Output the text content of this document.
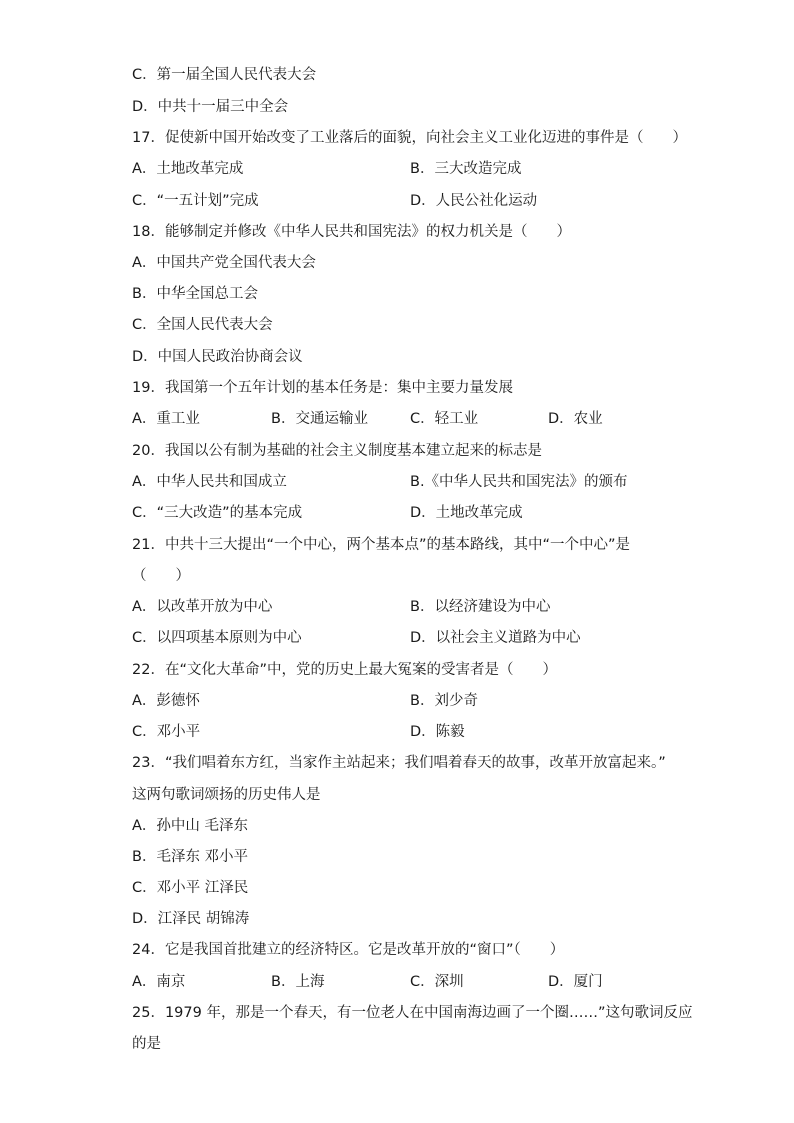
C．第一届全国人民代表大会
D．中共十一届三中全会
17．促使新中国开始改变了工业落后的面貌，向社会主义工业化迈进的事件是（　　）
A．土地改革完成	B．三大改造完成
C．“一五计划”完成	D．人民公社化运动
18．能够制定并修改《中华人民共和国宪法》的权力机关是（　　）
A．中国共产党全国代表大会
B．中华全国总工会
C．全国人民代表大会
D．中国人民政治协商会议
19．我国第一个五年计划的基本任务是：集中主要力量发展
A．重工业	B．交通运输业	C．轻工业	D．农业
20．我国以公有制为基础的社会主义制度基本建立起来的标志是
A．中华人民共和国成立	B.《中华人民共和国宪法》的颁布
C．“三大改造”的基本完成	D．土地改革完成
21．中共十三大提出“一个中心，两个基本点”的基本路线，其中“一个中心”是
（　　）
A．以改革开放为中心	B．以经济建设为中心
C．以四项基本原则为中心	D．以社会主义道路为中心
22．在“文化大革命”中，党的历史上最大冤案的受害者是（　　）
A．彭德怀	B．刘少奇
C．邓小平	D．陈毅
23．“我们唱着东方红，当家作主站起来；我们唱着春天的故事，改革开放富起来。”
这两句歌词颂扬的历史伟人是
A．孙中山 毛泽东
B．毛泽东 邓小平
C．邓小平 江泽民
D．江泽民 胡锦涛
24．它是我国首批建立的经济特区。它是改革开放的“窗口”（　　）
A．南京	B．上海	C．深圳	D．厦门
25．1979 年，那是一个春天，有一位老人在中国南海边画了一个圈……”这句歌词反应
的是
